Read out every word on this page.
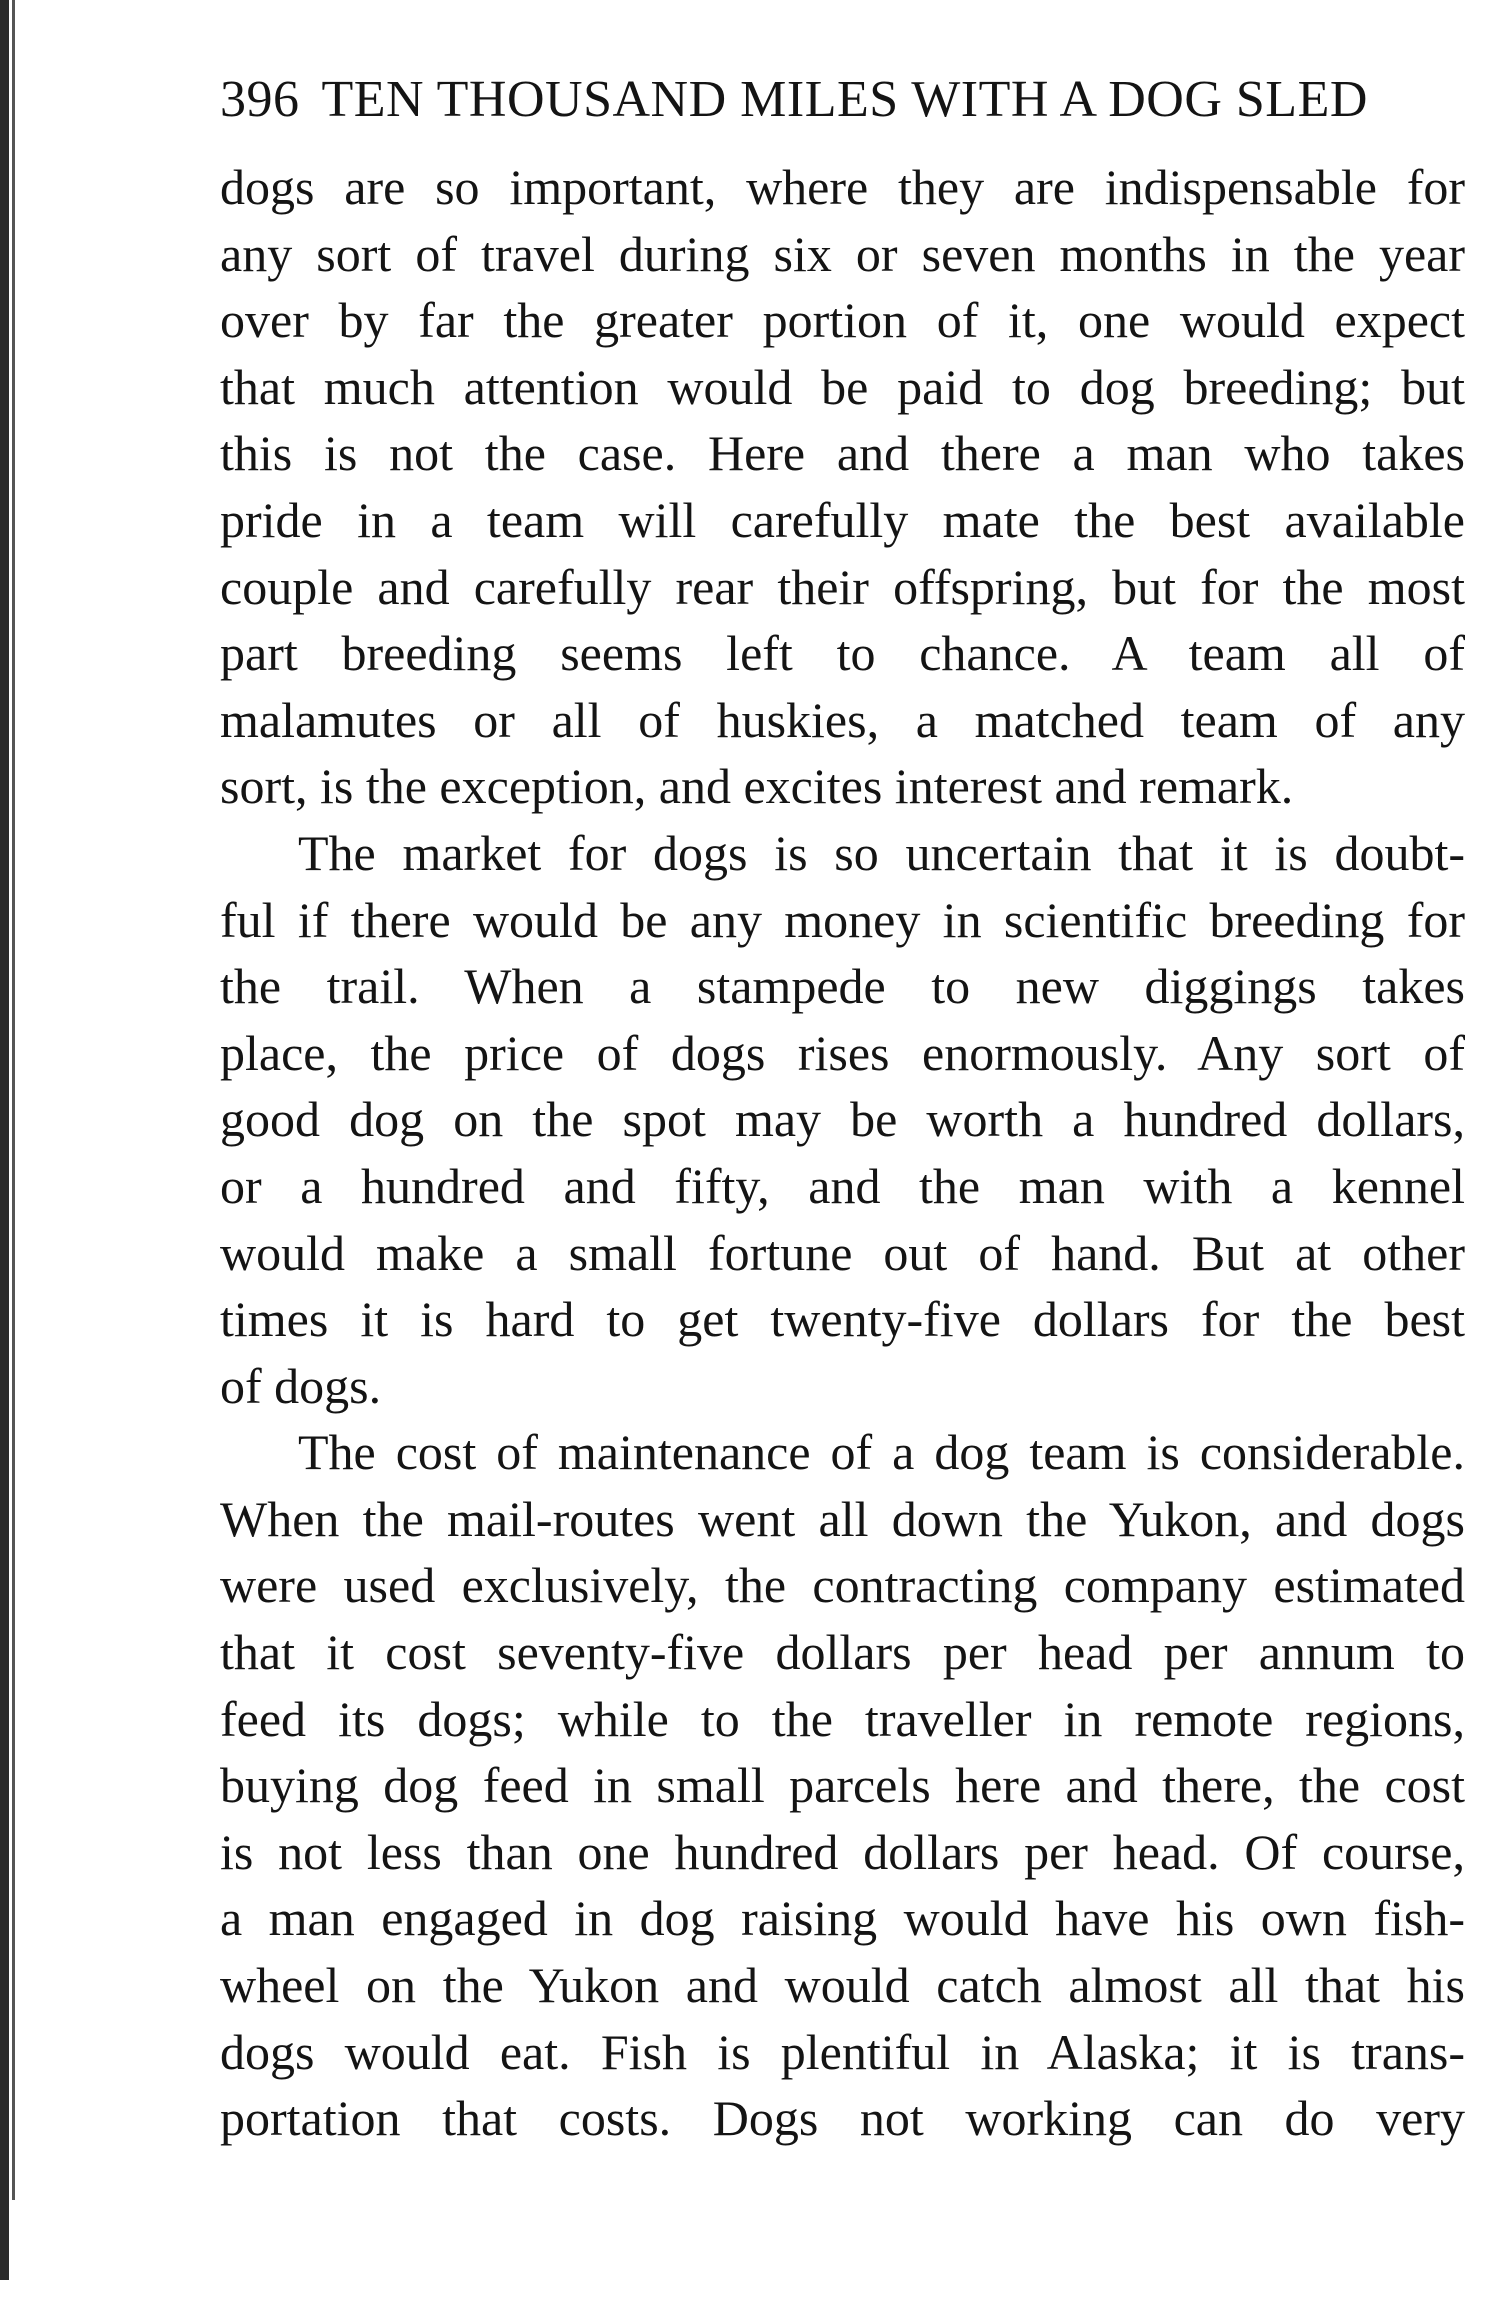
396 TEN THOUSAND MILES WITH A DOG SLED
dogs are so important, where they are indispensable for
any sort of travel during six or seven months in the year
over by far the greater portion of it, one would expect
that much attention would be paid to dog breeding; but
this is not the case. Here and there a man who takes
pride in a team will carefully mate the best available
couple and carefully rear their offspring, but for the most
part breeding seems left to chance. A team all of
malamutes or all of huskies, a matched team of any
sort, is the exception, and excites interest and remark.
The market for dogs is so uncertain that it is doubt-
ful if there would be any money in scientific breeding for
the trail. When a stampede to new diggings takes
place, the price of dogs rises enormously. Any sort of
good dog on the spot may be worth a hundred dollars,
or a hundred and fifty, and the man with a kennel
would make a small fortune out of hand. But at other
times it is hard to get twenty-five dollars for the best
of dogs.
The cost of maintenance of a dog team is considerable.
When the mail-routes went all down the Yukon, and dogs
were used exclusively, the contracting company estimated
that it cost seventy-five dollars per head per annum to
feed its dogs; while to the traveller in remote regions,
buying dog feed in small parcels here and there, the cost
is not less than one hundred dollars per head. Of course,
a man engaged in dog raising would have his own fish-
wheel on the Yukon and would catch almost all that his
dogs would eat. Fish is plentiful in Alaska; it is trans-
portation that costs. Dogs not working can do very
